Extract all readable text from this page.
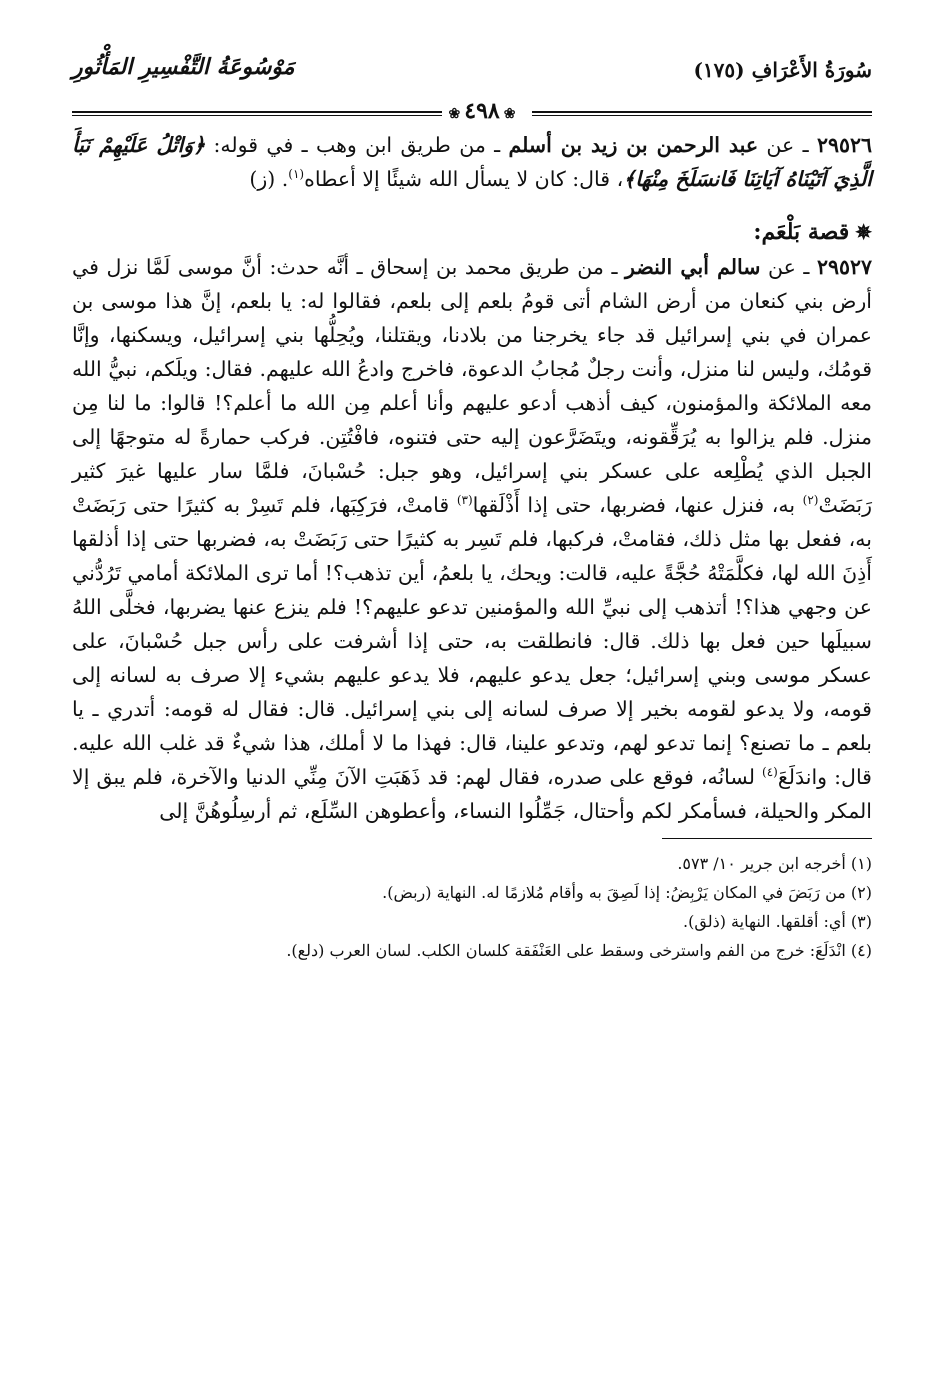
سُورَةُ الأَعْرَافِ (١٧٥)
مَوْسُوعَةُ التَّفْسِيرِ المَأْثُورِ
❀٤٩٨❀

٢٩٥٢٦ ـ عن عبد الرحمن بن زيد بن أسلم ـ من طريق ابن وهب ـ في قوله: ﴿وَاتْلُ عَلَيْهِمْ نَبَأَ الَّذِيَ آتَيْنَاهُ آيَاتِنَا فَانسَلَخَ مِنْهَا﴾، قال: كان لا يسأل الله شيئًا إلا أعطاه$^{(١)}$. (ز)

✵قصة بَلْعَم:

٢٩٥٢٧ ـ عن سالم أبي النضر ـ من طريق محمد بن إسحاق ـ أنَّه حدث: أنَّ موسى لَمَّا نزل في أرض بني كنعان من أرض الشام أتى قومُ بلعم إلى بلعم، فقالوا له: يا بلعم، إنَّ هذا موسى بن عمران في بني إسرائيل قد جاء يخرجنا من بلادنا، ويقتلنا، ويُحِلُّها بني إسرائيل، ويسكنها، وإنَّا قومُك، وليس لنا منزل، وأنت رجلٌ مُجابُ الدعوة، فاخرج وادعُ الله عليهم. فقال: ويلَكم، نبيُّ الله معه الملائكة والمؤمنون، كيف أذهب أدعو عليهم وأنا أعلم مِن الله ما أعلم؟! قالوا: ما لنا مِن منزل. فلم يزالوا به يُرَقِّقونه، ويتَضَرَّعون إليه حتى فتنوه، فافْتُتِن. فركب حمارةً له متوجهًا إلى الجبل الذي يُطْلِعه على عسكر بني إسرائيل، وهو جبل: حُسْبانَ، فلمَّا سار عليها غيرَ كثير رَبَضَتْ$^{(٢)}$ به، فنزل عنها، فضربها، حتى إذا أَذْلَقها$^{(٣)}$ قامتْ، فرَكِبَها، فلم تَسِرْ به كثيرًا حتى رَبَضَتْ به، ففعل بها مثل ذلك، فقامتْ، فركبها، فلم تَسِر به كثيرًا حتى رَبَضَتْ به، فضربها حتى إذا أذلقها أَذِنَ الله لها، فكلَّمَتْهُ حُجَّةً عليه، قالت: ويحك، يا بلعمُ، أين تذهب؟! أما ترى الملائكة أمامي تَرُدُّني عن وجهي هذا؟! أتذهب إلى نبيِّ الله والمؤمنين تدعو عليهم؟! فلم ينزع عنها يضربها، فخلَّى اللهُ سبيلَها حين فعل بها ذلك. قال: فانطلقت به، حتى إذا أشرفت على رأس جبل حُسْبانَ، على عسكر موسى وبني إسرائيل؛ جعل يدعو عليهم، فلا يدعو عليهم بشيء إلا صرف به لسانه إلى قومه، ولا يدعو لقومه بخير إلا صرف لسانه إلى بني إسرائيل. قال: فقال له قومه: أتدري ـ يا بلعم ـ ما تصنع؟ إنما تدعو لهم، وتدعو علينا، قال: فهذا ما لا أملك، هذا شيءٌ قد غلب الله عليه. قال: واندَلَعَ$^{(٤)}$ لسانُه، فوقع على صدره، فقال لهم: قد ذَهَبَتِ الآنَ مِنِّي الدنيا والآخرة، فلم يبق إلا المكر والحيلة، فسأمكر لكم وأحتال، جَمِّلُوا النساء، وأعطوهن السِّلَع، ثم أرسِلُوهُنَّ إلى

(١) أخرجه ابن جرير ١٠/ ٥٧٣.

(٢) من رَبَضَ في المكان يَرْبِضُ: إذا لَصِقَ به وأقام مُلازمًا له. النهاية (ربض).

(٣) أي: أقلقها. النهاية (ذلق).

(٤) انْدَلَعَ: خرج من الفم واسترخى وسقط على العَنْفَقة كلسان الكلب. لسان العرب (دلع).
